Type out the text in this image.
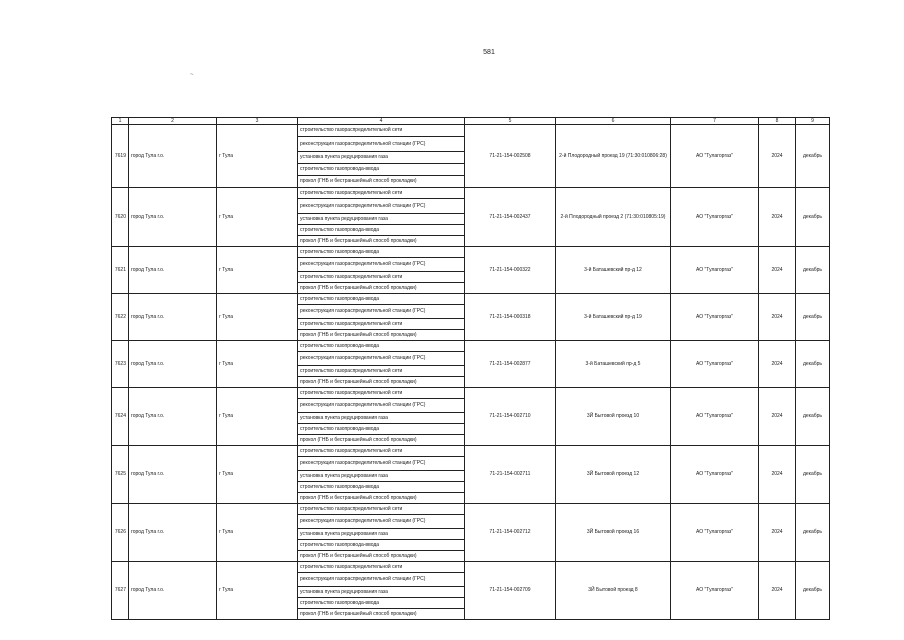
581
~
1	2	3	4	5	6	7	8	9
7619	город Тула г.о.	г Тула	строительство газораспределительной сети	71-21-154-002508	2-й Плодородный проезд 19 (71:30:010806:28)	АО "Тулагоргаз"	2024	декабрь
			реконструкция газораспределительной станции (ГРС)					
			установка пункта редуцирования газа					
			строительство газопровода-ввода					
			прокол (ГНБ и бестраншейный способ прокладки)					
7620	город Тула г.о.	г Тула	строительство газораспределительной сети	71-21-154-002437	2-й Плодородный проезд 2 (71:30:010805:19)	АО "Тулагоргаз"	2024	декабрь
			реконструкция газораспределительной станции (ГРС)					
			установка пункта редуцирования газа					
			строительство газопровода-ввода					
			прокол (ГНБ и бестраншейный способ прокладки)					
7621	город Тула г.о.	г Тула	строительство газопровода-ввода	71-21-154-000322	3-й Баташевский пр-д 12	АО "Тулагоргаз"	2024	декабрь
			реконструкция газораспределительной станции (ГРС)					
			строительство газораспределительной сети					
			прокол (ГНБ и бестраншейный способ прокладки)					
7622	город Тула г.о.	г Тула	строительство газопровода-ввода	71-21-154-000318	3-й Баташевский пр-д 19	АО "Тулагоргаз"	2024	декабрь
			реконструкция газораспределительной станции (ГРС)					
			строительство газораспределительной сети					
			прокол (ГНБ и бестраншейный способ прокладки)					
7623	город Тула г.о.	г Тула	строительство газопровода-ввода	71-21-154-002877	3-й Баташевский пр-д 5	АО "Тулагоргаз"	2024	декабрь
			реконструкция газораспределительной станции (ГРС)					
			строительство газораспределительной сети					
			прокол (ГНБ и бестраншейный способ прокладки)					
7624	город Тула г.о.	г Тула	строительство газораспределительной сети	71-21-154-002710	3Й Бытовой проезд 10	АО "Тулагоргаз"	2024	декабрь
			реконструкция газораспределительной станции (ГРС)					
			установка пункта редуцирования газа					
			строительство газопровода-ввода					
			прокол (ГНБ и бестраншейный способ прокладки)					
7625	город Тула г.о.	г Тула	строительство газораспределительной сети	71-21-154-002711	3Й Бытовой проезд 12	АО "Тулагоргаз"	2024	декабрь
			реконструкция газораспределительной станции (ГРС)					
			установка пункта редуцирования газа					
			строительство газопровода-ввода					
			прокол (ГНБ и бестраншейный способ прокладки)					
7626	город Тула г.о.	г Тула	строительство газораспределительной сети	71-21-154-002712	3Й Бытовой проезд 16	АО "Тулагоргаз"	2024	декабрь
			реконструкция газораспределительной станции (ГРС)					
			установка пункта редуцирования газа					
			строительство газопровода-ввода					
			прокол (ГНБ и бестраншейный способ прокладки)					
7627	город Тула г.о.	г Тула	строительство газораспределительной сети	71-21-154-002709	3Й Бытовой проезд 8	АО "Тулагоргаз"	2024	декабрь
			реконструкция газораспределительной станции (ГРС)					
			установка пункта редуцирования газа					
			строительство газопровода-ввода					
			прокол (ГНБ и бестраншейный способ прокладки)					
